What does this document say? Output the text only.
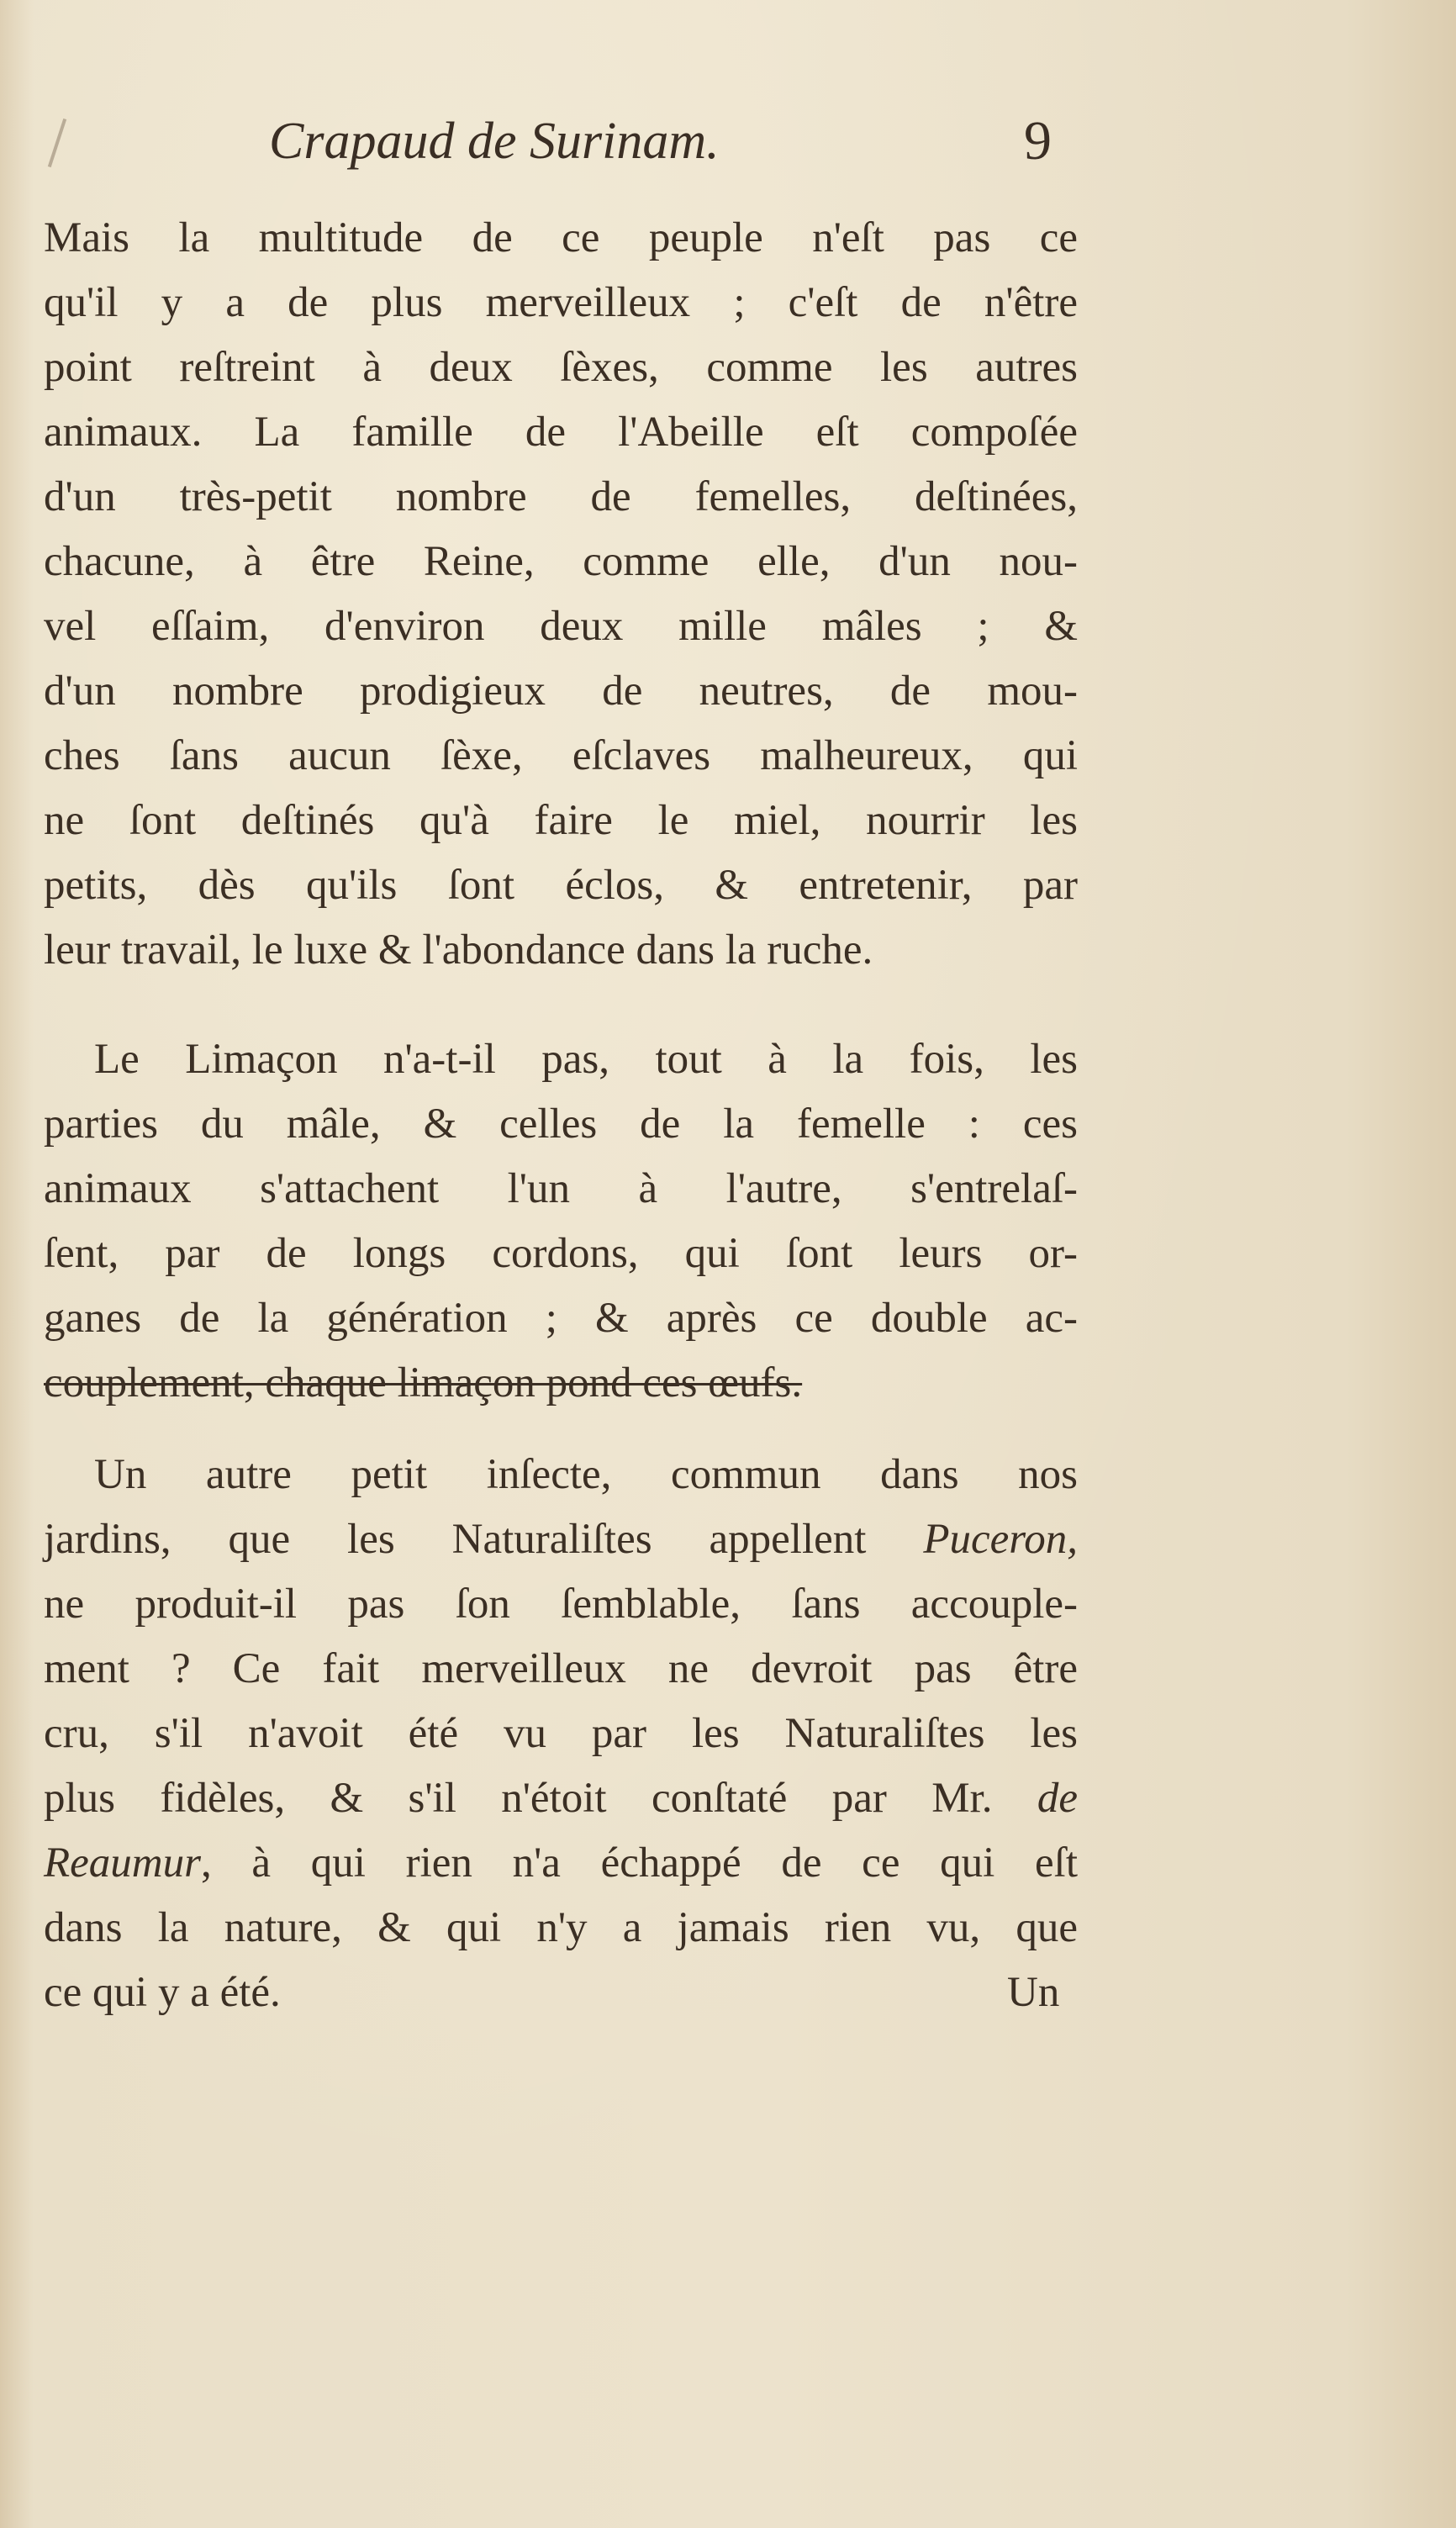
Crapaud de Surinam.	9
Mais la multitude de ce peuple n'eſt pas ce
qu'il y a de plus merveilleux ; c'eſt de n'être
point reſtreint à deux ſèxes, comme les autres
animaux. La famille de l'Abeille eſt compoſée
d'un très-petit nombre de femelles, deſtinées,
chacune, à être Reine, comme elle, d'un nou-
vel eſſaim, d'environ deux mille mâles ; &
d'un nombre prodigieux de neutres, de mou-
ches ſans aucun ſèxe, eſclaves malheureux, qui
ne ſont deſtinés qu'à faire le miel, nourrir les
petits, dès qu'ils ſont éclos, & entretenir, par
leur travail, le luxe & l'abondance dans la ruche.
Le Limaçon n'a-t-il pas, tout à la fois, les
parties du mâle, & celles de la femelle : ces
animaux s'attachent l'un à l'autre, s'entrelaſ-
ſent, par de longs cordons, qui ſont leurs or-
ganes de la génération ; & après ce double ac-
couplement, chaque limaçon pond ces œufs.
Un autre petit inſecte, commun dans nos
jardins, que les Naturaliſtes appellent Puceron,
ne produit-il pas ſon ſemblable, ſans accouple-
ment ? Ce fait merveilleux ne devroit pas être
cru, s'il n'avoit été vu par les Naturaliſtes les
plus fidèles, & s'il n'étoit conſtaté par Mr. de
Reaumur, à qui rien n'a échappé de ce qui eſt
dans la nature, & qui n'y a jamais rien vu, que
ce qui y a été.	Un
